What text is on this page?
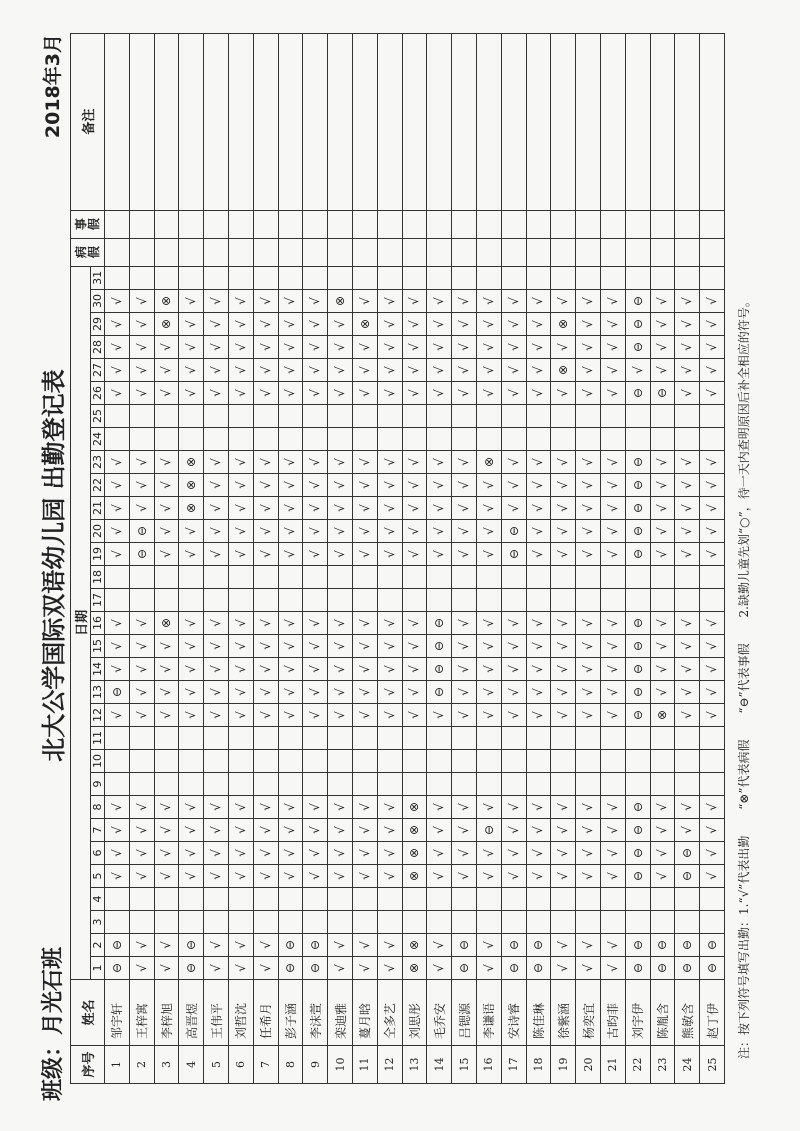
班级：月光石班
北大公学国际双语幼儿园 出勤登记表
2018年3月
序号	姓名	日期																															病
假	事
假	备注
		1	2	3	4	5	6	7	8	9	10	11	12	13	14	15	16	17	18	19	20	21	22	23	24	25	26	27	28	29	30	31			
1	邹宇轩	⊖	⊖			√	√	√	√				√	⊖	√	√	√			√	√	√	√	√			√	√	√	√	√				
2	王梓寓	√	√			√	√	√	√				√	√	√	√	√			⊖	⊖	√	√	√			√	√	√	√	√				
3	李梓旭	√	√			√	√	√	√				√	√	√	√	⊗			√	√	√	√	√			√	√	√	⊗	⊗				
4	高晋煜	⊖	⊖			√	√	√	√				√	√	√	√	√			√	√	⊗	⊗	⊗			√	√	√	√	√				
5	王伟平	√	√			√	√	√	√				√	√	√	√	√			√	√	√	√	√			√	√	√	√	√				
6	刘哲沈	√	√			√	√	√	√				√	√	√	√	√			√	√	√	√	√			√	√	√	√	√				
7	任希月	√	√			√	√	√	√				√	√	√	√	√			√	√	√	√	√			√	√	√	√	√				
8	彭子涵	⊖	⊖			√	√	√	√				√	√	√	√	√			√	√	√	√	√			√	√	√	√	√				
9	李沫萱	⊖	⊖			√	√	√	√				√	√	√	√	√			√	√	√	√	√			√	√	√	√	√				
10	栾迪雅	√	√			√	√	√	√				√	√	√	√	√			√	√	√	√	√			√	√	√	√	⊗				
11	蔓月晗	√	√			√	√	√	√				√	√	√	√	√			√	√	√	√	√			√	√	√	⊗	√				
12	仝多艺	√	√			√	√	√	√				√	√	√	√	√			√	√	√	√	√			√	√	√	√	√				
13	刘思彤	⊗	⊗			⊗	⊗	⊗	⊗				√	√	√	√	√			√	√	√	√	√			√	√	√	√	√				
14	毛乔安	√	√			√	√	√	√				√	⊖	⊖	⊖	⊖			√	√	√	√	√			√	√	√	√	√				
15	吕锶源	⊖	⊖			√	√	√	√				√	√	√	√	√			√	√	√	√	√			√	√	√	√	√				
16	李谦语	√	√			√	√	⊖	√				√	√	√	√	√			√	√	√	√	⊗			√	√	√	√	√				
17	安诗睿	⊖	⊖			√	√	√	√				√	√	√	√	√			⊖	⊖	√	√	√			√	√	√	√	√				
18	陈佳琳	⊖	⊖			√	√	√	√				√	√	√	√	√			√	√	√	√	√			√	√	√	√	√				
19	徐紫涵	√	√			√	√	√	√				√	√	√	√	√			√	√	√	√	√			√	⊗	√	⊗	√				
20	杨奕宜	√	√			√	√	√	√				√	√	√	√	√			√	√	√	√	√			√	√	√	√	√				
21	古昀菲	√	√			√	√	√	√				√	√	√	√	√			√	√	√	√	√			√	√	√	√	√				
22	刘宇伊	⊖	⊖			⊖	⊖	⊖	⊖				⊖	⊖	⊖	⊖	⊖			⊖	⊖	⊖	⊖	⊖			⊖	√	⊖	⊖	⊖				
23	陈胤含	⊖	⊖			√	√	√	√				⊗	√	√	√	√			√	√	√	√	√			⊖	√	√	√	√				
24	熊敏含	⊖	⊖			⊖	⊖	√	√				√	√	√	√	√			√	√	√	√	√			√	√	√	√	√				
25	赵丁伊	⊖	⊖			√	√	√	√				√	√	√	√	√			√	√	√	√	√			√	√	√	√	√				
注：按下列符号填写出勤：1.“√”代表出勤 “⊗”代表病假 “⊖”代表事假 2.缺勤儿童先划“○”，待一天内查明原因后补全相应的符号。
